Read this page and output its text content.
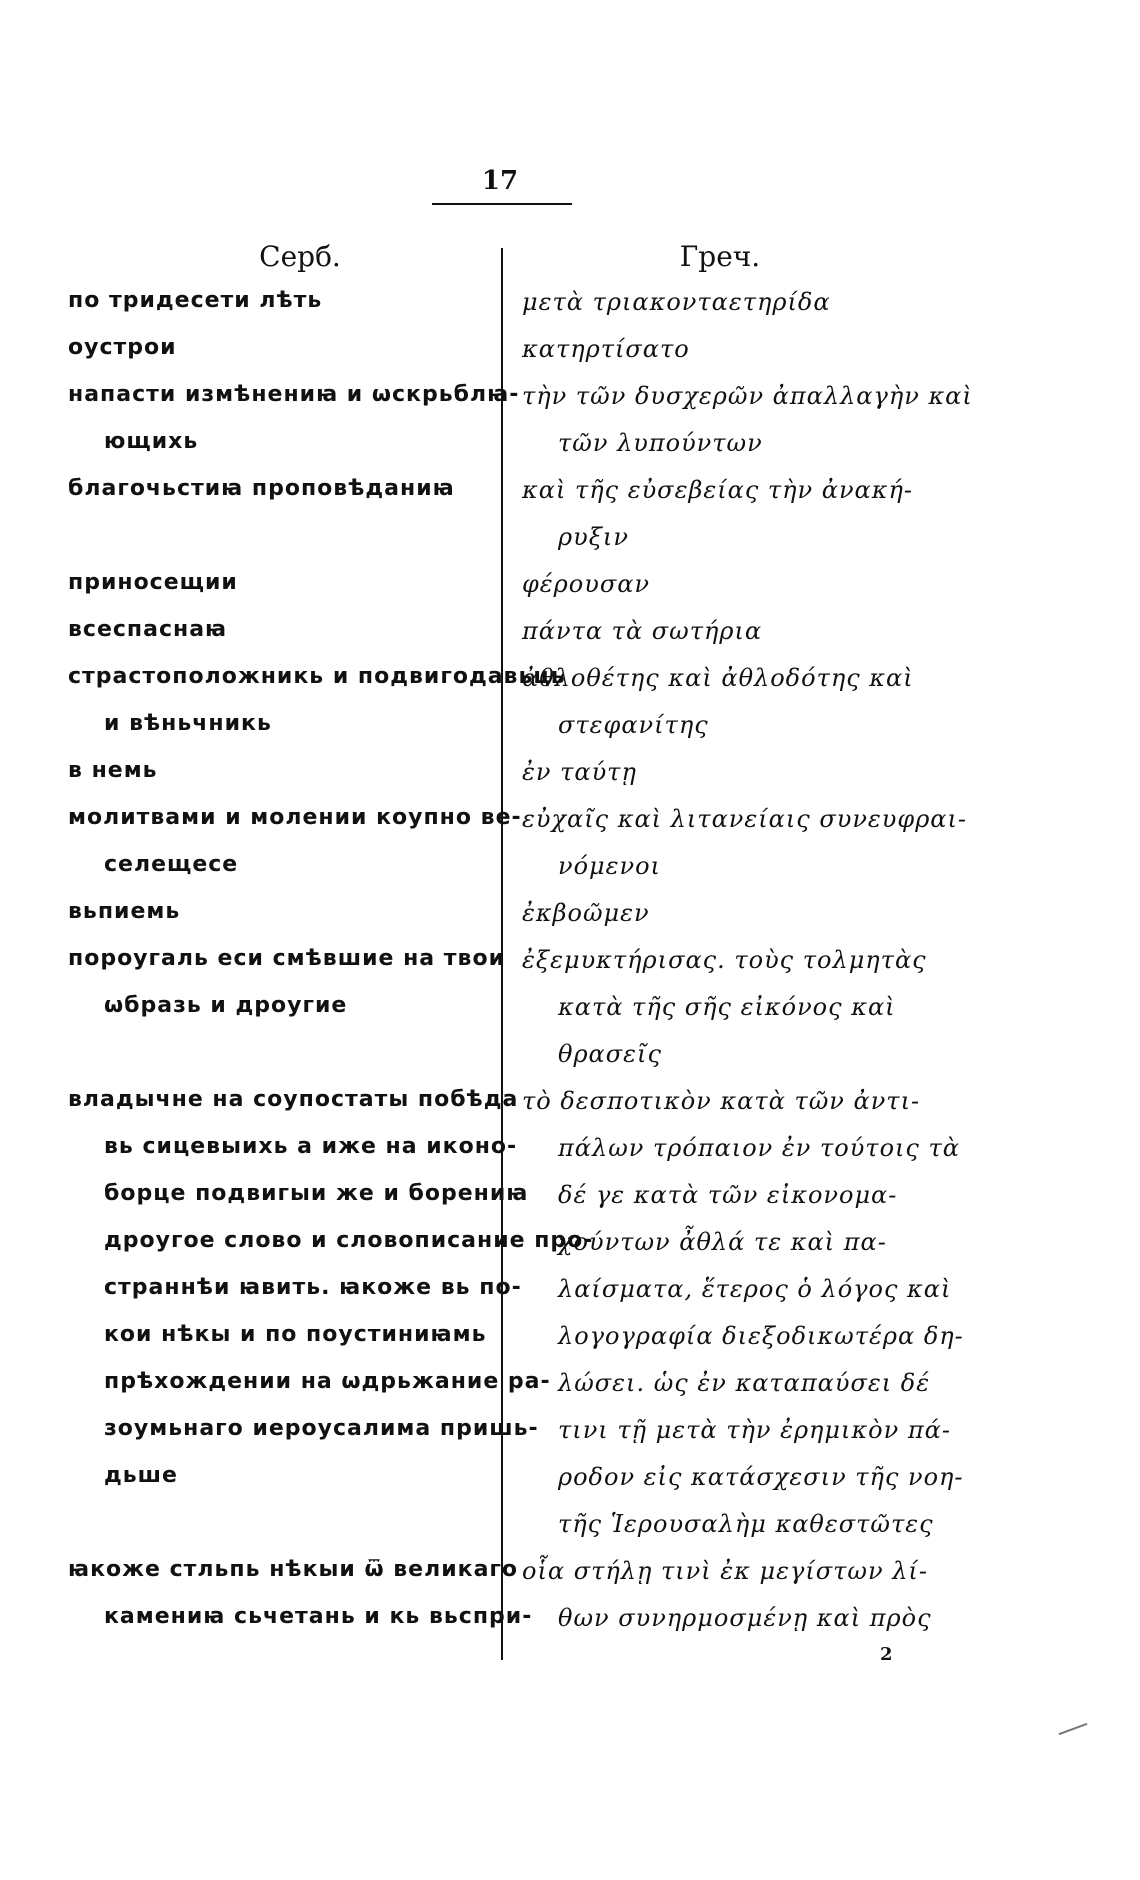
17
Серб.	Греч.
по тридесети лѣть
оустрои
напасти измѣнениꙗ и ѡскрьблꙗ-
ющихь
благочьстиꙗ проповѣданиꙗ
приносещии
всеспаснаꙗ
страстоположникь и подвигодавьць
и вѣньчникь
в немь
молитвами и молении коупно ве-
селещесе
вьпиемь
пороугаль еси смѣвшие на твои
ѡбразь и дроугие
владычне на соупостаты побѣда
вь сицевыихь а иже на иконо-
борце подвигыи же и борениꙗ
дроугое слово и словописание про-
страннѣи ꙗвить. ꙗкоже вь по-
кои нѣкы и по поустиниꙗмь
прѣхождении на ѡдрьжание ра-
зоумьнаго иероусалима пришь-
дьше
ꙗкоже стльпь нѣкыи ѿ великаго
камениꙗ сьчетань и кь вьспри-
μετὰ τριακονταετηρίδα
κατηρτίσατο
τὴν τῶν δυσχερῶν ἀπαλλαγὴν καὶ
τῶν λυπούντων
καὶ τῆς εὐσεβείας τὴν ἀνακή-
ρυξιν
φέρουσαν
πάντα τὰ σωτήρια
ἀθλοθέτης καὶ ἀθλοδότης καὶ
στεφανίτης
ἐν ταύτῃ
εὐχαῖς καὶ λιτανείαις συνευφραι-
νόμενοι
ἐκβοῶμεν
ἐξεμυκτήρισας. τοὺς τολμητὰς
κατὰ τῆς σῆς εἰκόνος καὶ
θρασεῖς
τὸ δεσποτικὸν κατὰ τῶν ἀντι-
πάλων τρόπαιον ἐν τούτοις τὰ
δέ γε κατὰ τῶν εἰκονομα-
χούντων ἆθλά τε καὶ πα-
λαίσματα, ἕτερος ὁ λόγος καὶ
λογογραφία διεξοδικωτέρα δη-
λώσει. ὡς ἐν καταπαύσει δέ
τινι τῇ μετὰ τὴν ἐρημικὸν πά-
ροδον εἰς κατάσχεσιν τῆς νοη-
τῆς Ἱερουσαλὴμ καθεστῶτες
οἷα στήλῃ τινὶ ἐκ μεγίστων λί-
θων συνηρμοσμένῃ καὶ πρὸς
2
